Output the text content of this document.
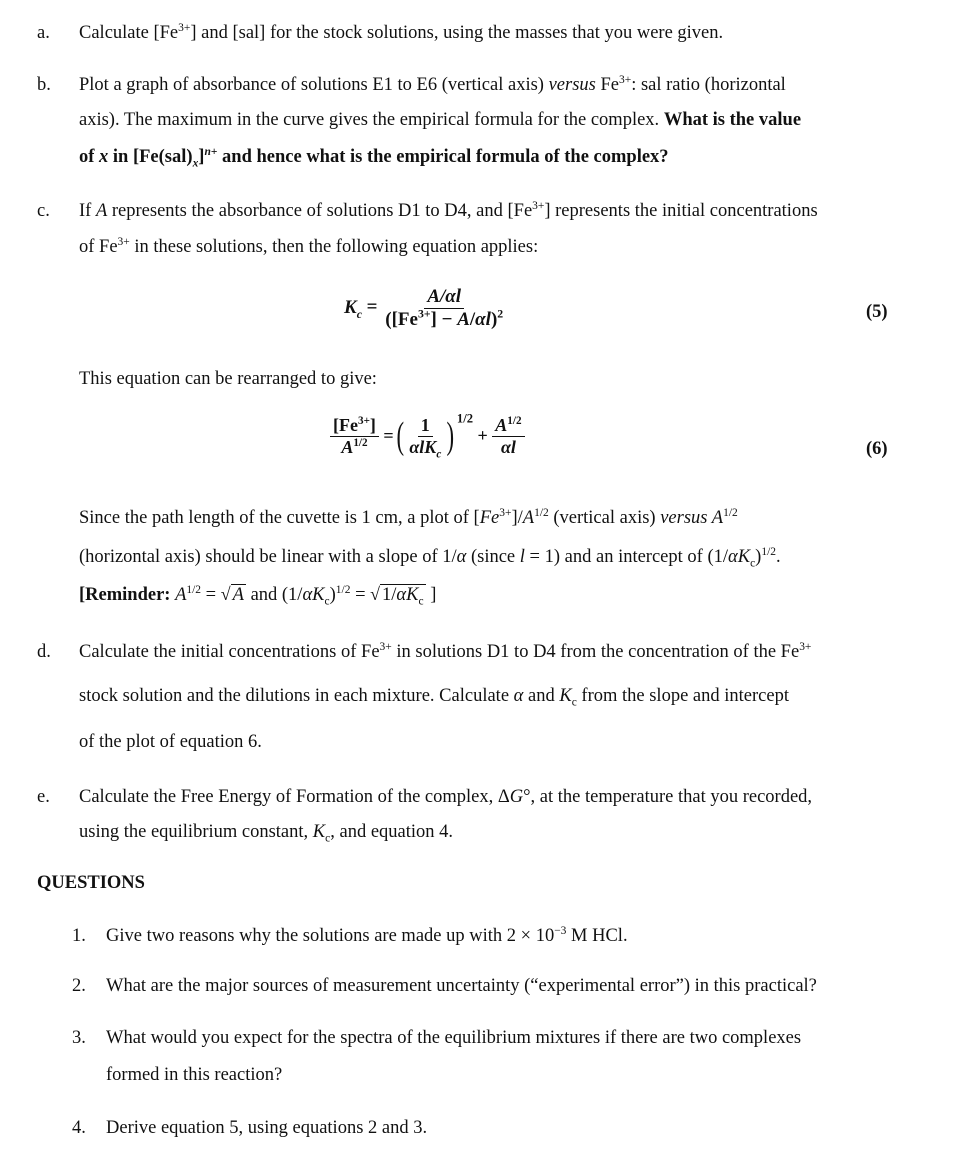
a. Calculate $[Fe^{3+}]$ and [sal] for the stock solutions, using the masses that you were given.
b. Plot a graph of absorbance of solutions E1 to E6 (vertical axis) versus $Fe^{3+}$: sal ratio (horizontal
axis). The maximum in the curve gives the empirical formula for the complex. What is the value
of x in $[Fe(sal)_x]^{n+}$ and hence what is the empirical formula of the complex?
c. If A represents the absorbance of solutions D1 to D4, and $[Fe^{3+}]$ represents the initial concentrations
of $Fe^{3+}$ in these solutions, then the following equation applies:
$K_c = \frac{A/\alpha l}{([Fe^{3+}] - A/\alpha l)^2}$	(5)
This equation can be rearranged to give:
$\frac{[Fe^{3+}]}{A^{1/2}}$ =( $\frac{1}{\alpha lK_c}$ ) $^{1/2} + \frac{A^{1/2}}{\alpha l}$	(6)
Since the path length of the cuvette is 1 cm, a plot of $[Fe^{3+}]/A^{1/2}$ (vertical axis) versus $A^{1/2}$
(horizontal axis) should be linear with a slope of 1/α (since l = 1) and an intercept of $(1/\alpha K_c)^{1/2}$.
[Reminder: $A^{1/2}$ = √ A and $(1/\alpha K_c)^{1/2}$ = √ $1/\alpha K_c$ ]
d. Calculate the initial concentrations of $Fe^{3+}$ in solutions D1 to D4 from the concentration of the $Fe^{3+}$
stock solution and the dilutions in each mixture. Calculate α and $K_c$ from the slope and intercept
of the plot of equation 6.
e. Calculate the Free Energy of Formation of the complex, ΔG°, at the temperature that you recorded,
using the equilibrium constant, $K_c$, and equation 4.
QUESTIONS
1. Give two reasons why the solutions are made up with $2 \times 10^{-3}$ M HCl.
2. What are the major sources of measurement uncertainty (“experimental error”) in this practical?
3. What would you expect for the spectra of the equilibrium mixtures if there are two complexes
formed in this reaction?
4. Derive equation 5, using equations 2 and 3.
